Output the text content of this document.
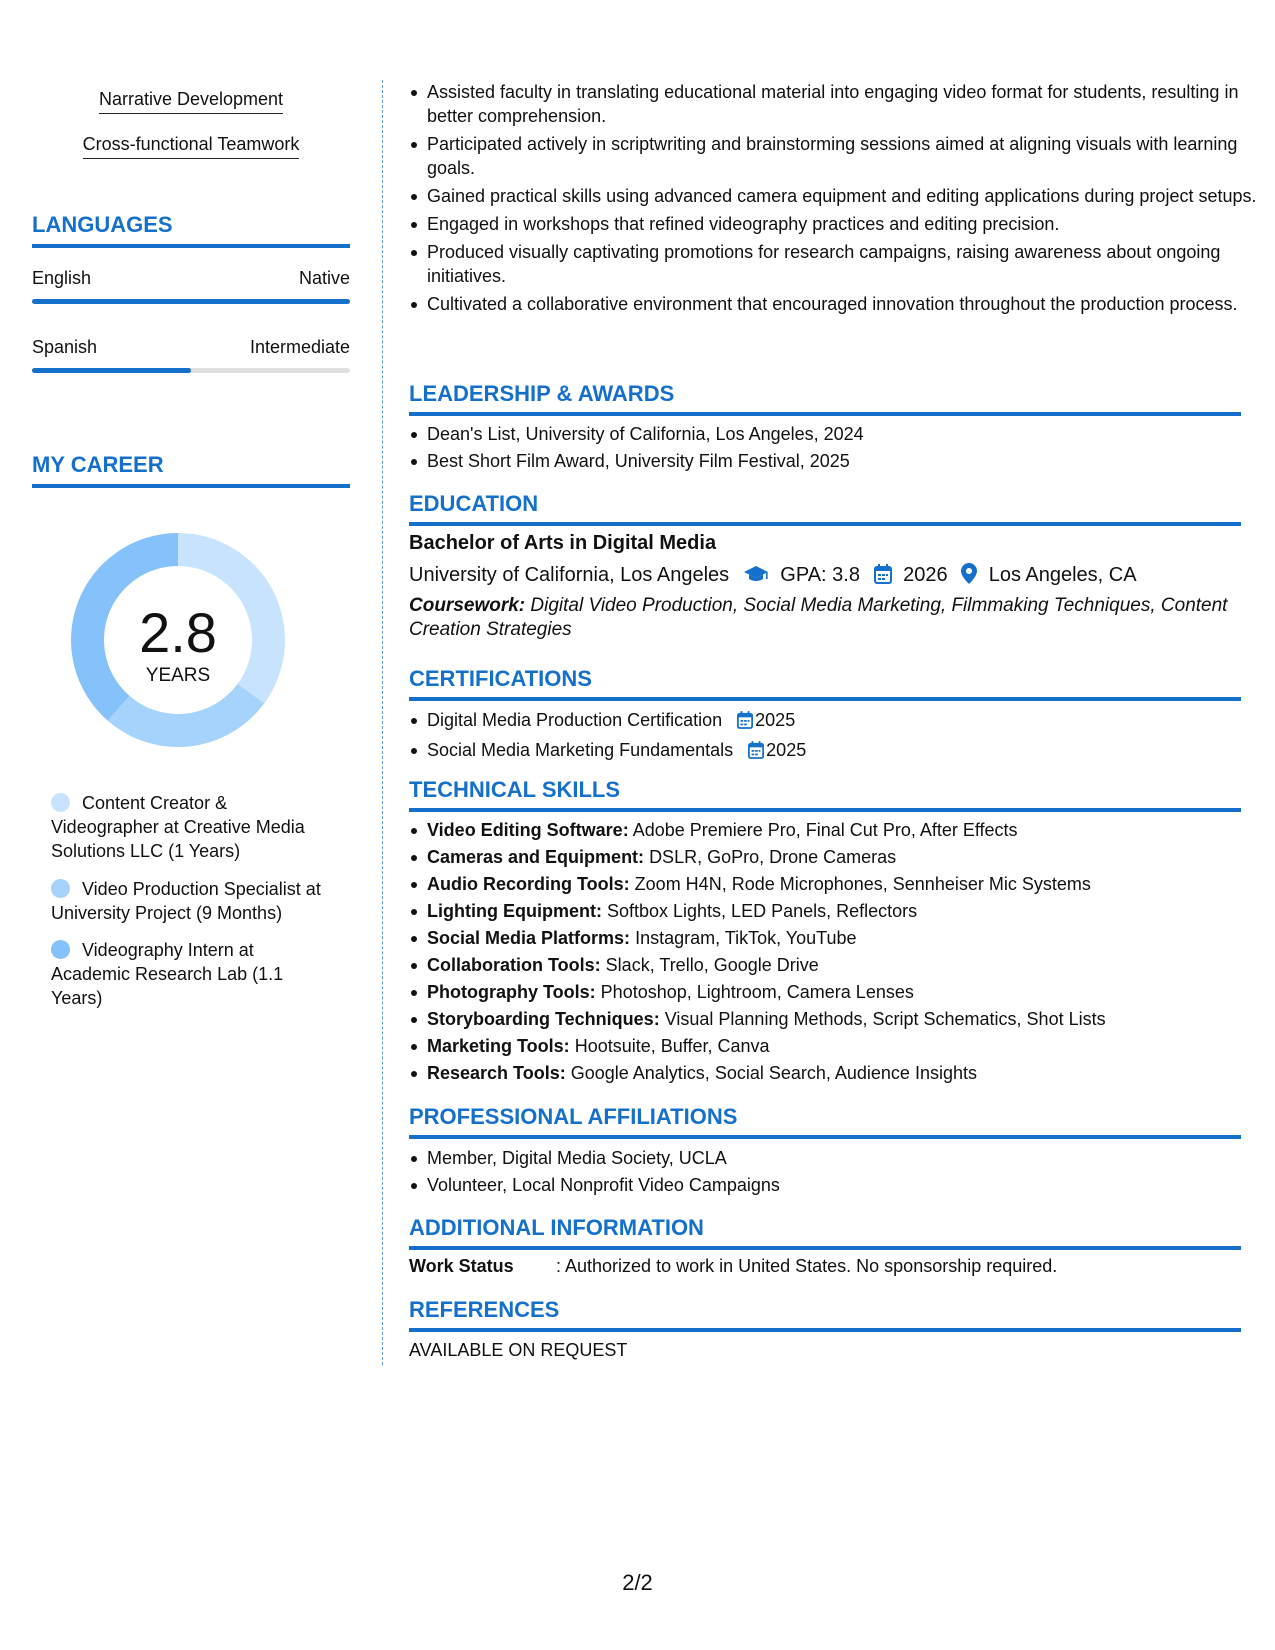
Narrative Development
Cross-functional Teamwork
LANGUAGES
English	Native
Spanish	Intermediate
MY CAREER
2.8
YEARS
Content Creator & Videographer at Creative Media Solutions LLC (1 Years)
Video Production Specialist at University Project (9 Months)
Videography Intern at Academic Research Lab (1.1 Years)
Assisted faculty in translating educational material into engaging video format for students, resulting in better comprehension.
Participated actively in scriptwriting and brainstorming sessions aimed at aligning visuals with learning goals.
Gained practical skills using advanced camera equipment and editing applications during project setups.
Engaged in workshops that refined videography practices and editing precision.
Produced visually captivating promotions for research campaigns, raising awareness about ongoing initiatives.
Cultivated a collaborative environment that encouraged innovation throughout the production process.
LEADERSHIP & AWARDS
Dean's List, University of California, Los Angeles, 2024
Best Short Film Award, University Film Festival, 2025
EDUCATION
Bachelor of Arts in Digital Media
University of California, Los Angeles	GPA: 3.8 2026 Los Angeles, CA
Coursework: Digital Video Production, Social Media Marketing, Filmmaking Techniques, Content Creation Strategies
CERTIFICATIONS
Digital Media Production Certification 2025
Social Media Marketing Fundamentals 2025
TECHNICAL SKILLS
Video Editing Software: Adobe Premiere Pro, Final Cut Pro, After Effects
Cameras and Equipment: DSLR, GoPro, Drone Cameras
Audio Recording Tools: Zoom H4N, Rode Microphones, Sennheiser Mic Systems
Lighting Equipment: Softbox Lights, LED Panels, Reflectors
Social Media Platforms: Instagram, TikTok, YouTube
Collaboration Tools: Slack, Trello, Google Drive
Photography Tools: Photoshop, Lightroom, Camera Lenses
Storyboarding Techniques: Visual Planning Methods, Script Schematics, Shot Lists
Marketing Tools: Hootsuite, Buffer, Canva
Research Tools: Google Analytics, Social Search, Audience Insights
PROFESSIONAL AFFILIATIONS
Member, Digital Media Society, UCLA
Volunteer, Local Nonprofit Video Campaigns
ADDITIONAL INFORMATION
Work Status : Authorized to work in United States. No sponsorship required.
REFERENCES
AVAILABLE ON REQUEST
2/2
